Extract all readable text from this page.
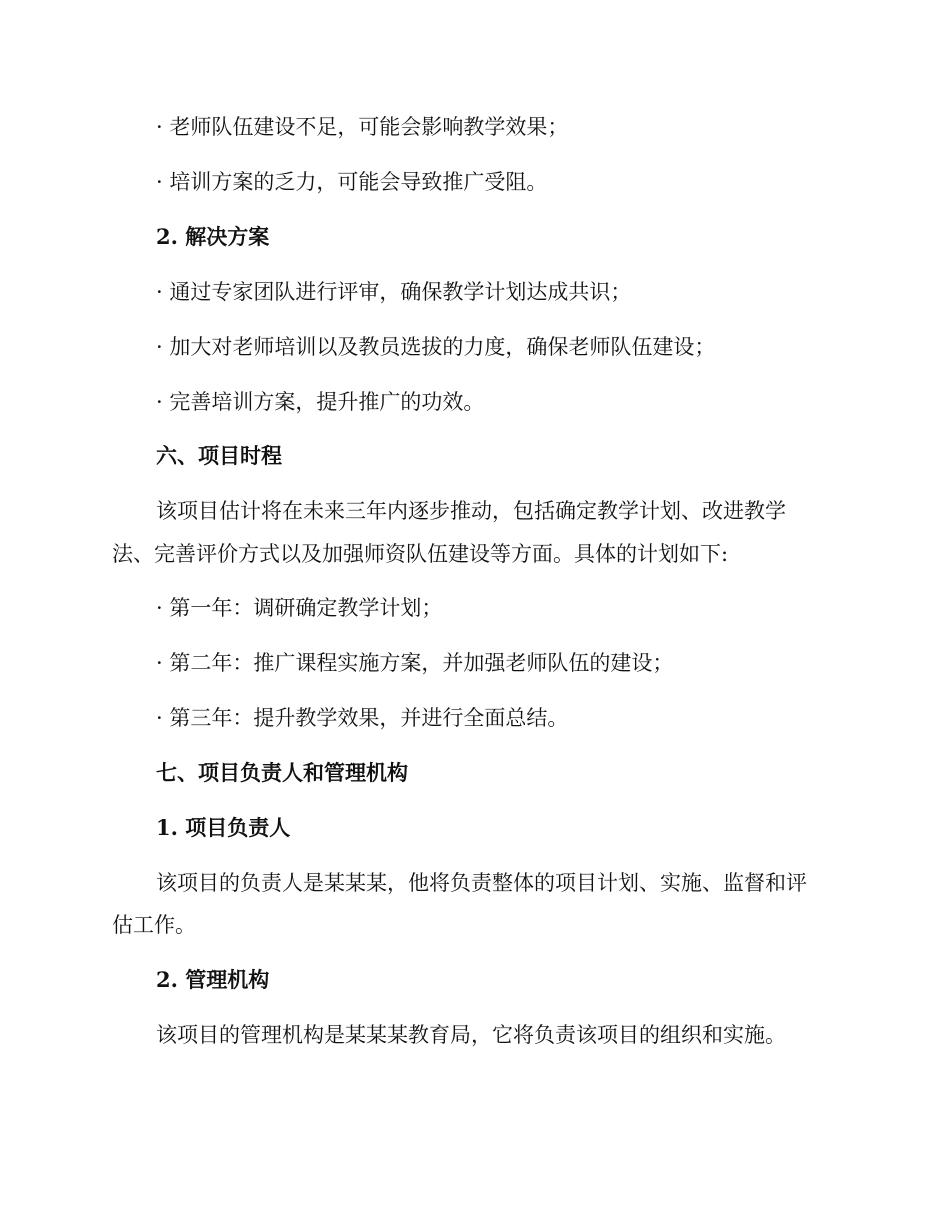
· 老师队伍建设不足，可能会影响教学效果；
· 培训方案的乏力，可能会导致推广受阻。
2. 解决方案
· 通过专家团队进行评审，确保教学计划达成共识；
· 加大对老师培训以及教员选拔的力度，确保老师队伍建设；
· 完善培训方案，提升推广的功效。
六、项目时程
该项目估计将在未来三年内逐步推动，包括确定教学计划、改进教学
法、完善评价方式以及加强师资队伍建设等方面。具体的计划如下:
· 第一年：调研确定教学计划；
· 第二年：推广课程实施方案，并加强老师队伍的建设；
· 第三年：提升教学效果，并进行全面总结。
七、项目负责人和管理机构
1. 项目负责人
该项目的负责人是某某某，他将负责整体的项目计划、实施、监督和评
估工作。
2. 管理机构
该项目的管理机构是某某某教育局，它将负责该项目的组织和实施。
